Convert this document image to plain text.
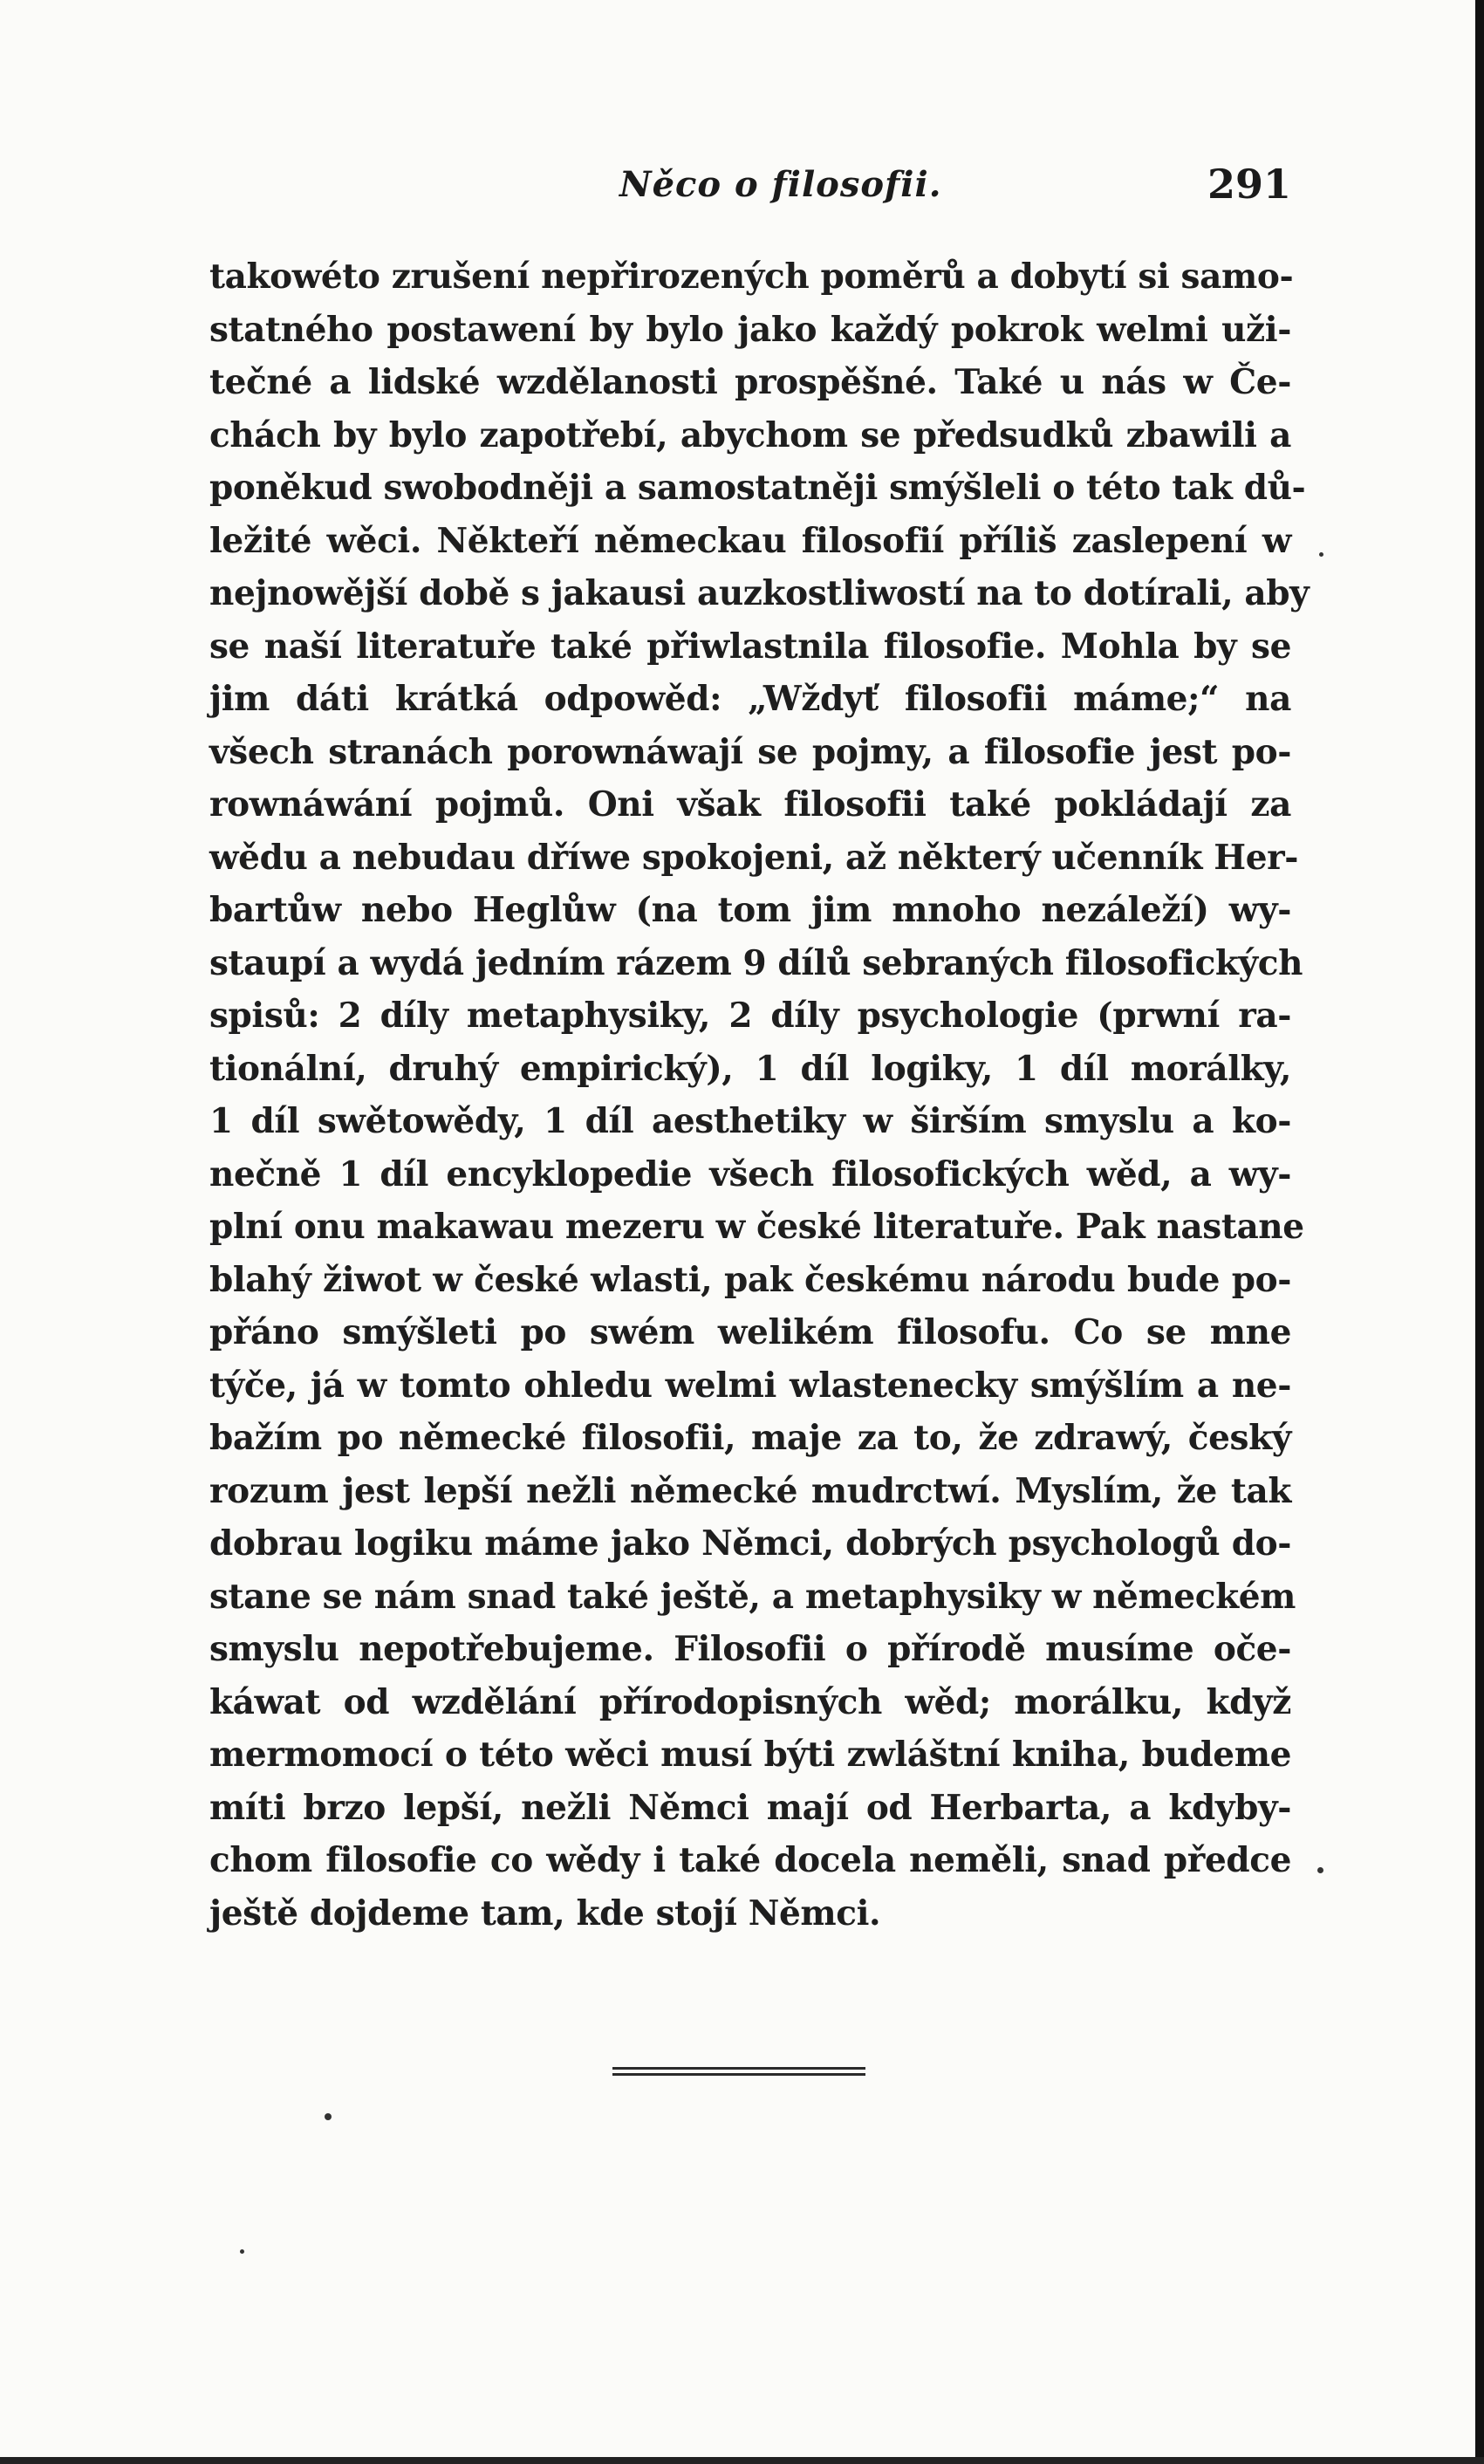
Něco o filosofii.	291
takowéto zrušení nepřirozených poměrů a dobytí si samo-
statného postawení by bylo jako každý pokrok welmi uži-
tečné a lidské wzdělanosti prospěšné. Také u nás w Če-
chách by bylo zapotřebí, abychom se předsudků zbawili a
poněkud swobodněji a samostatněji smýšleli o této tak dů-
ležité wěci. Někteří německau filosofií příliš zaslepení w
nejnowější době s jakausi auzkostliwostí na to dotírali, aby
se naší literatuře také přiwlastnila filosofie. Mohla by se
jim dáti krátká odpowěd: „Wždyť filosofii máme;“ na
všech stranách porownáwají se pojmy, a filosofie jest po-
rownáwání pojmů. Oni však filosofii také pokládají za
wědu a nebudau dříwe spokojeni, až některý učenník Her-
bartůw nebo Heglůw (na tom jim mnoho nezáleží) wy-
staupí a wydá jedním rázem 9 dílů sebraných filosofických
spisů: 2 díly metaphysiky, 2 díly psychologie (prwní ra-
tionální, druhý empirický), 1 díl logiky, 1 díl morálky,
1 díl swětowědy, 1 díl aesthetiky w širším smyslu a ko-
nečně 1 díl encyklopedie všech filosofických wěd, a wy-
plní onu makawau mezeru w české literatuře. Pak nastane
blahý žiwot w české wlasti, pak českému národu bude po-
přáno smýšleti po swém welikém filosofu. Co se mne
týče, já w tomto ohledu welmi wlastenecky smýšlím a ne-
bažím po německé filosofii, maje za to, že zdrawý, český
rozum jest lepší nežli německé mudrctwí. Myslím, že tak
dobrau logiku máme jako Němci, dobrých psychologů do-
stane se nám snad také ještě, a metaphysiky w německém
smyslu nepotřebujeme. Filosofii o přírodě musíme oče-
káwat od wzdělání přírodopisných wěd; morálku, když
mermomocí o této wěci musí býti zwláštní kniha, budeme
míti brzo lepší, nežli Němci mají od Herbarta, a kdyby-
chom filosofie co wědy i také docela neměli, snad předce
ještě dojdeme tam, kde stojí Němci.
